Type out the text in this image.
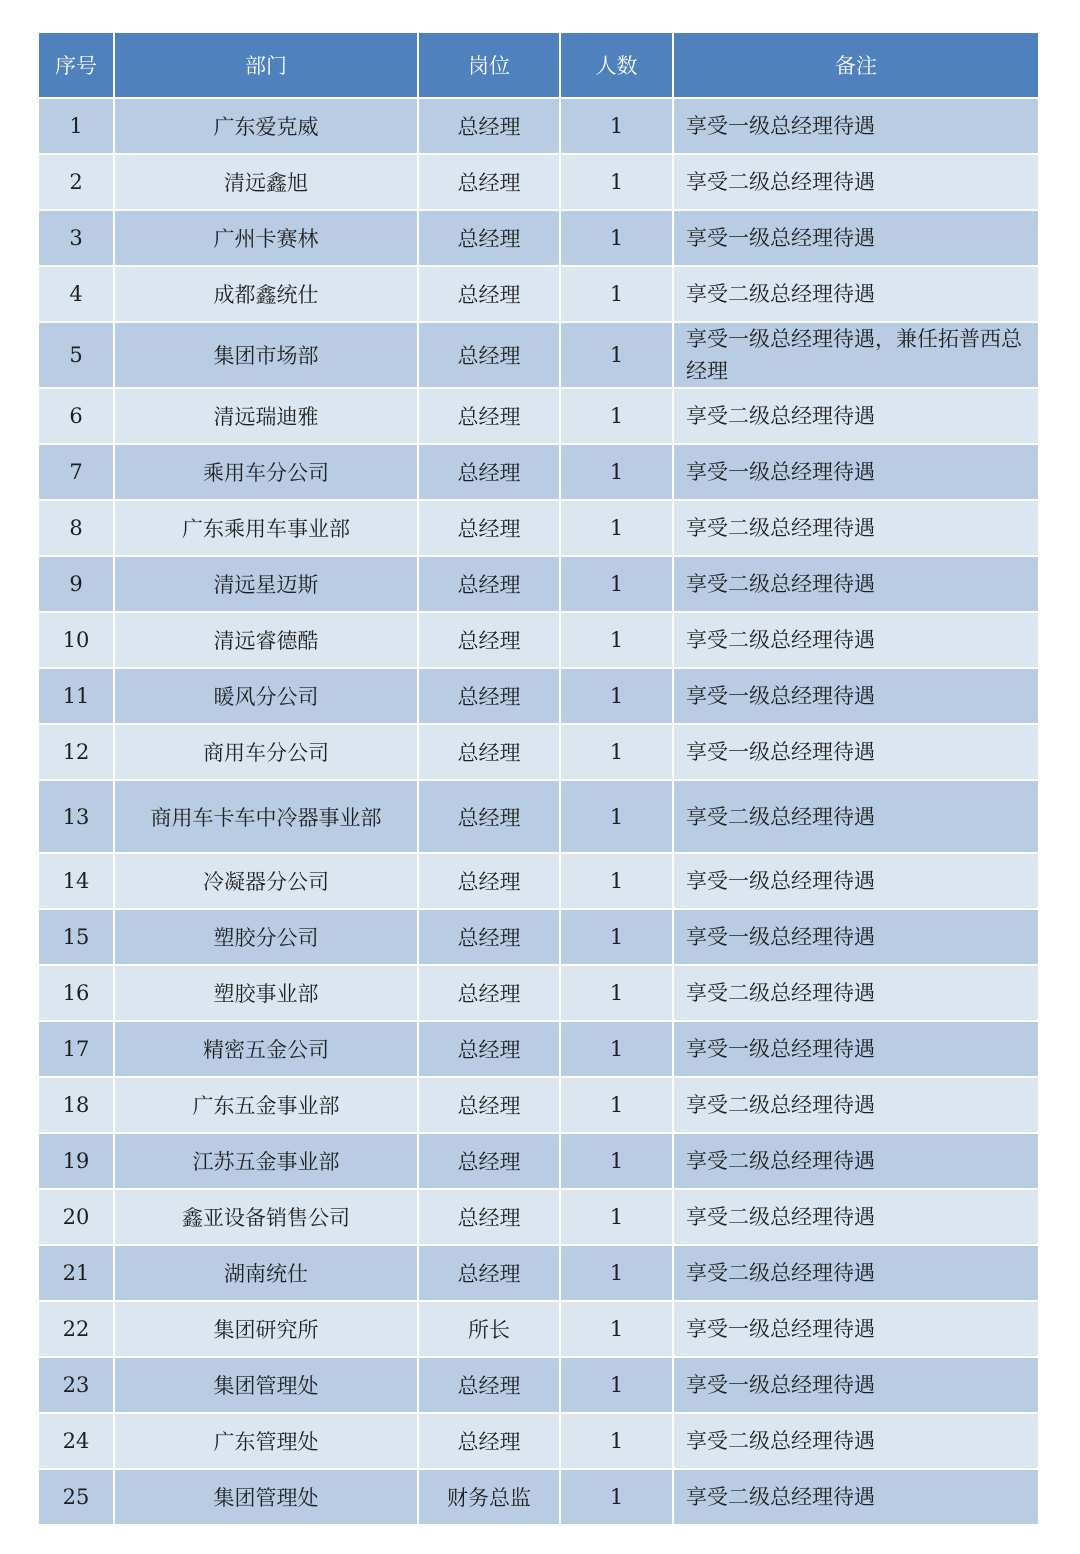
序号	部门	岗位	人数	备注
1	广东爱克威	总经理	1	享受一级总经理待遇
2	清远鑫旭	总经理	1	享受二级总经理待遇
3	广州卡赛林	总经理	1	享受一级总经理待遇
4	成都鑫统仕	总经理	1	享受二级总经理待遇
5	集团市场部	总经理	1	享受一级总经理待遇，兼任拓普西总经理
6	清远瑞迪雅	总经理	1	享受二级总经理待遇
7	乘用车分公司	总经理	1	享受一级总经理待遇
8	广东乘用车事业部	总经理	1	享受二级总经理待遇
9	清远星迈斯	总经理	1	享受二级总经理待遇
10	清远睿德酷	总经理	1	享受二级总经理待遇
11	暖风分公司	总经理	1	享受一级总经理待遇
12	商用车分公司	总经理	1	享受一级总经理待遇
13	商用车卡车中冷器事业部	总经理	1	享受二级总经理待遇
14	冷凝器分公司	总经理	1	享受一级总经理待遇
15	塑胶分公司	总经理	1	享受一级总经理待遇
16	塑胶事业部	总经理	1	享受二级总经理待遇
17	精密五金公司	总经理	1	享受一级总经理待遇
18	广东五金事业部	总经理	1	享受二级总经理待遇
19	江苏五金事业部	总经理	1	享受二级总经理待遇
20	鑫亚设备销售公司	总经理	1	享受二级总经理待遇
21	湖南统仕	总经理	1	享受二级总经理待遇
22	集团研究所	所长	1	享受一级总经理待遇
23	集团管理处	总经理	1	享受一级总经理待遇
24	广东管理处	总经理	1	享受二级总经理待遇
25	集团管理处	财务总监	1	享受二级总经理待遇
